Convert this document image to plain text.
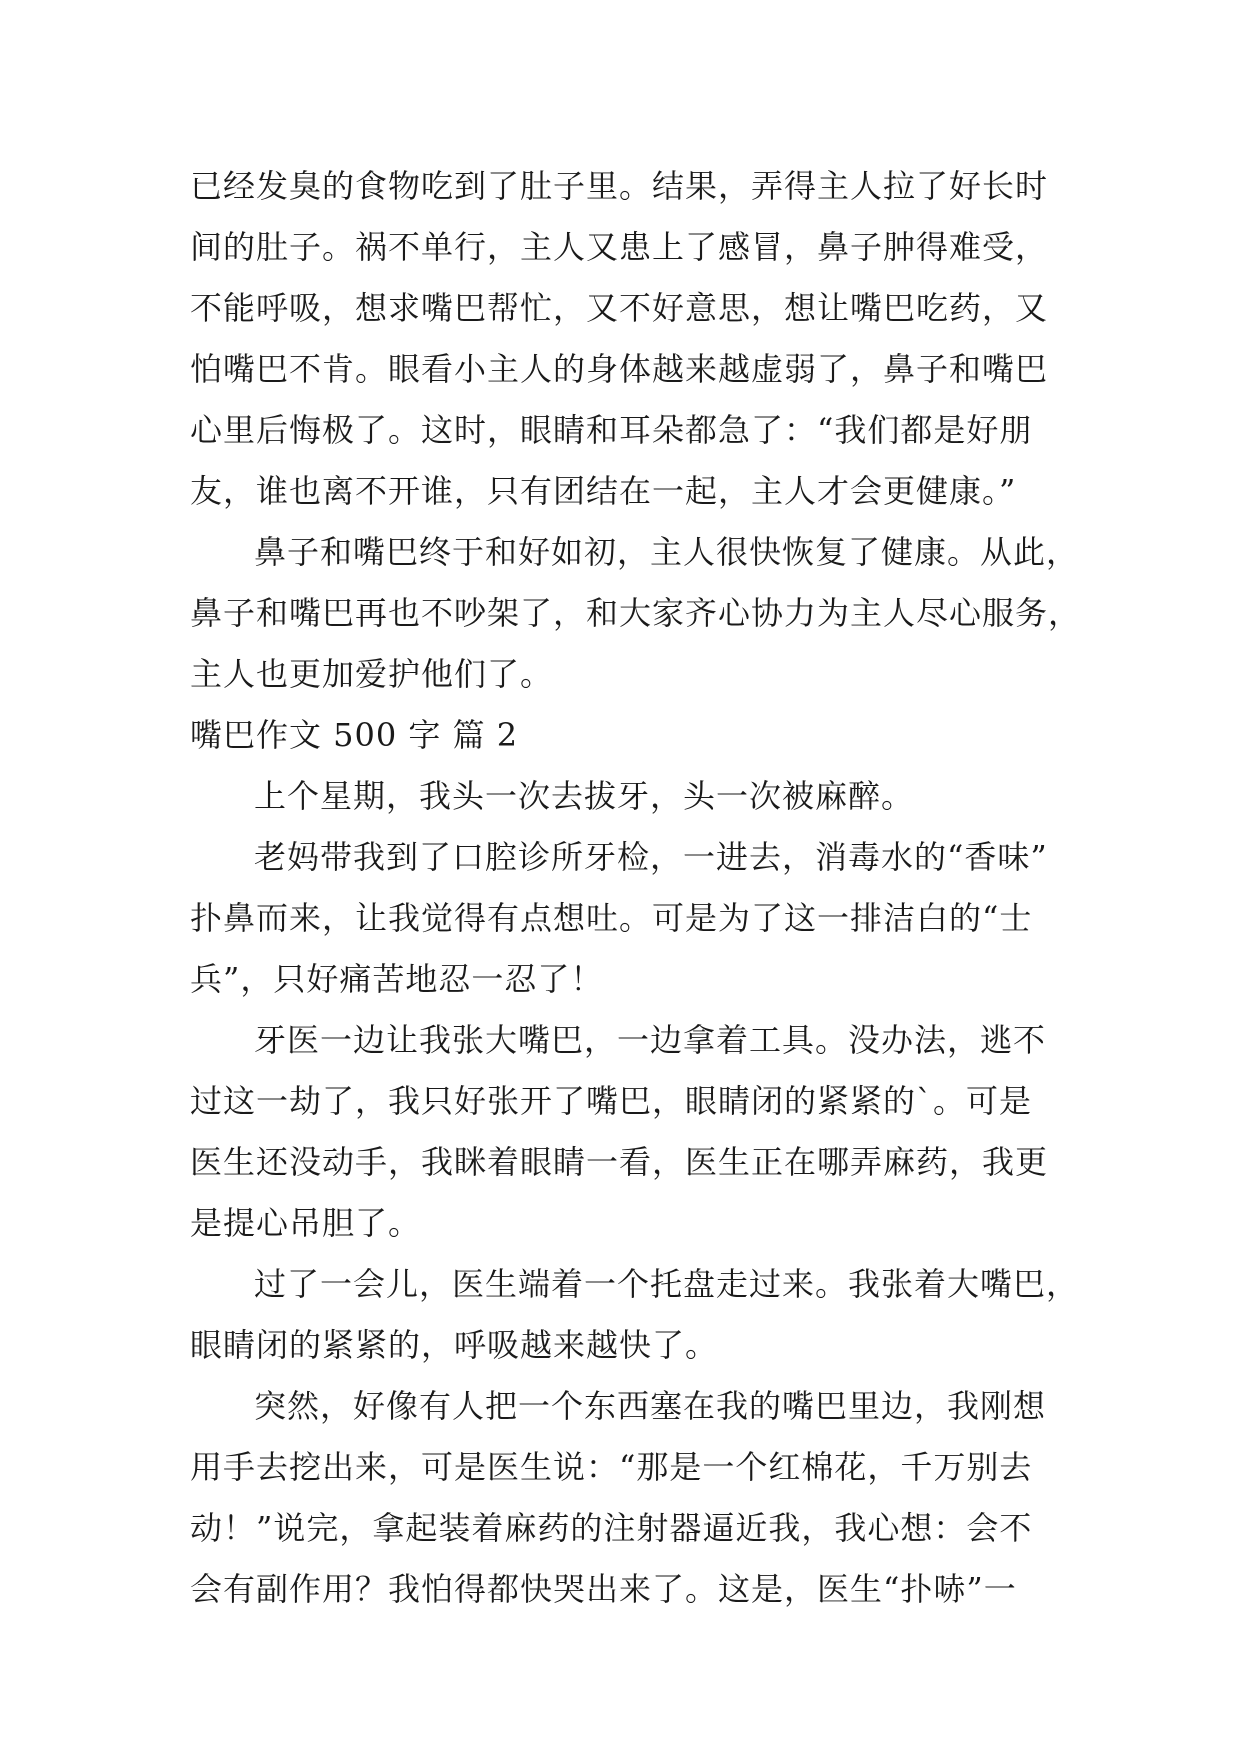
已经发臭的食物吃到了肚子里。结果，弄得主人拉了好长时
间的肚子。祸不单行，主人又患上了感冒，鼻子肿得难受，
不能呼吸，想求嘴巴帮忙，又不好意思，想让嘴巴吃药，又
怕嘴巴不肯。眼看小主人的身体越来越虚弱了，鼻子和嘴巴
心里后悔极了。这时，眼睛和耳朵都急了：“我们都是好朋
友，谁也离不开谁，只有团结在一起，主人才会更健康。”
鼻子和嘴巴终于和好如初，主人很快恢复了健康。从此，
鼻子和嘴巴再也不吵架了，和大家齐心协力为主人尽心服务，
主人也更加爱护他们了。
嘴巴作文 500 字 篇 2
上个星期，我头一次去拔牙，头一次被麻醉。
老妈带我到了口腔诊所牙检，一进去，消毒水的“香味”
扑鼻而来，让我觉得有点想吐。可是为了这一排洁白的“士
兵”，只好痛苦地忍一忍了！
牙医一边让我张大嘴巴，一边拿着工具。没办法，逃不
过这一劫了，我只好张开了嘴巴，眼睛闭的紧紧的`。可是
医生还没动手，我眯着眼睛一看，医生正在哪弄麻药，我更
是提心吊胆了。
过了一会儿，医生端着一个托盘走过来。我张着大嘴巴，
眼睛闭的紧紧的，呼吸越来越快了。
突然，好像有人把一个东西塞在我的嘴巴里边，我刚想
用手去挖出来，可是医生说：“那是一个红棉花，千万别去
动！”说完，拿起装着麻药的注射器逼近我，我心想：会不
会有副作用？我怕得都快哭出来了。这是，医生“扑哧”一
